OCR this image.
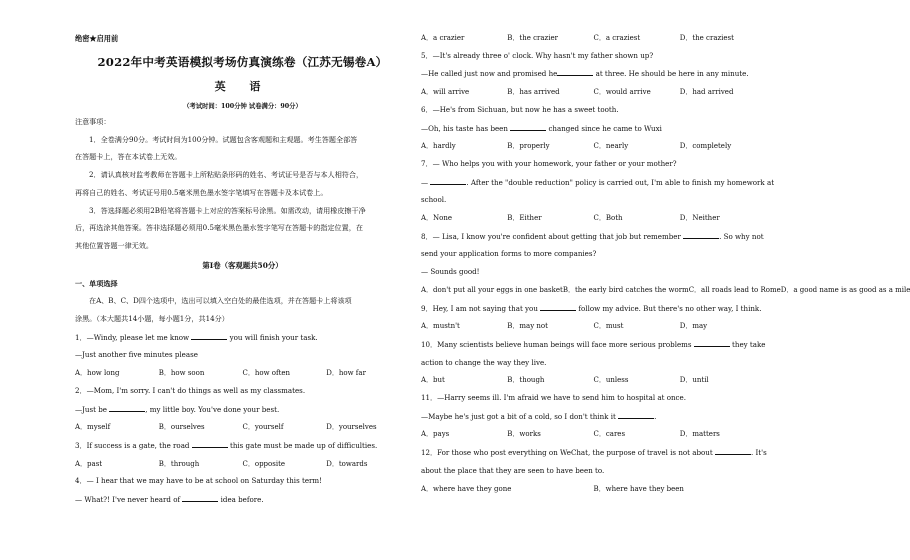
绝密★启用前
2022年中考英语模拟考场仿真演练卷（江苏无锡卷A）
英 语
（考试时间：100分钟 试卷满分：90分）
注意事项：
1．全卷满分90分。考试时间为100分钟。试题包含客观题和主观题。考生答题全部答
在答题卡上，答在本试卷上无效。
2．请认真核对监考教师在答题卡上所粘贴条形码的姓名、考试证号是否与本人相符合，
再将自己的姓名、考试证号用0.5毫米黑色墨水签字笔填写在答题卡及本试卷上。
3．答选择题必须用2B铅笔将答题卡上对应的答案标号涂黑。如需改动，请用橡皮擦干净
后，再选涂其他答案。答非选择题必须用0.5毫米黑色墨水签字笔写在答题卡的指定位置，在
其他位置答题一律无效。
第I卷（客观题共50分）
一、单项选择
在A、B、C、D四个选项中，选出可以填入空白处的最佳选项，并在答题卡上将该项
涂黑。（本大题共14小题，每小题1分，共14分）
1．—Windy, please let me know	you will finish your task.
—Just another five minutes please
A．how long	B．how soon	C．how often	D．how far
2．—Mom, I'm sorry. I can't do things as well as my classmates.
—Just be	, my little boy. You've done your best.
A．myself	B．ourselves	C．yourself	D．yourselves
3．If success is a gate, the road	this gate must be made up of difficulties.
A．past	B．through	C．opposite	D．towards
4．— I hear that we may have to be at school on Saturday this term!
— What?! I've never heard of	idea before.
A．a crazier	B．the crazier	C．a craziest	D．the craziest
5．—It's already three o' clock. Why hasn't my father shown up?
—He called just now and promised he	at three. He should be here in any minute.
A．will arrive	B．has arrived	C．would arrive	D．had arrived
6．—He's from Sichuan, but now he has a sweet tooth.
—Oh, his taste has been	changed since he came to Wuxi
A．hardly	B．properly	C．nearly	D．completely
7．— Who helps you with your homework, your father or your mother?
—	. After the "double reduction" policy is carried out, I'm able to finish my homework at
school.
A．None	B．Either	C．Both	D．Neither
8．— Lisa, I know you're confident about getting that job but remember	. So why not
send your application forms to more companies?
— Sounds good!
A．don't put all your eggs in one basket B．the early bird catches the worm C．all roads lead to Rome D．a good name is as good as a mile
9．Hey, I am not saying that you	follow my advice. But there's no other way, I think.
A．mustn't	B．may not	C．must	D．may
10．Many scientists believe human beings will face more serious problems	they take
action to change the way they live.
A．but	B．though	C．unless	D．until
11．—Harry seems ill. I'm afraid we have to send him to hospital at once.
—Maybe he's just got a bit of a cold, so I don't think it	.
A．pays	B．works	C．cares	D．matters
12．For those who post everything on WeChat, the purpose of travel is not about	. It's
about the place that they are seen to have been to.
A．where have they gone	B．where have they been
